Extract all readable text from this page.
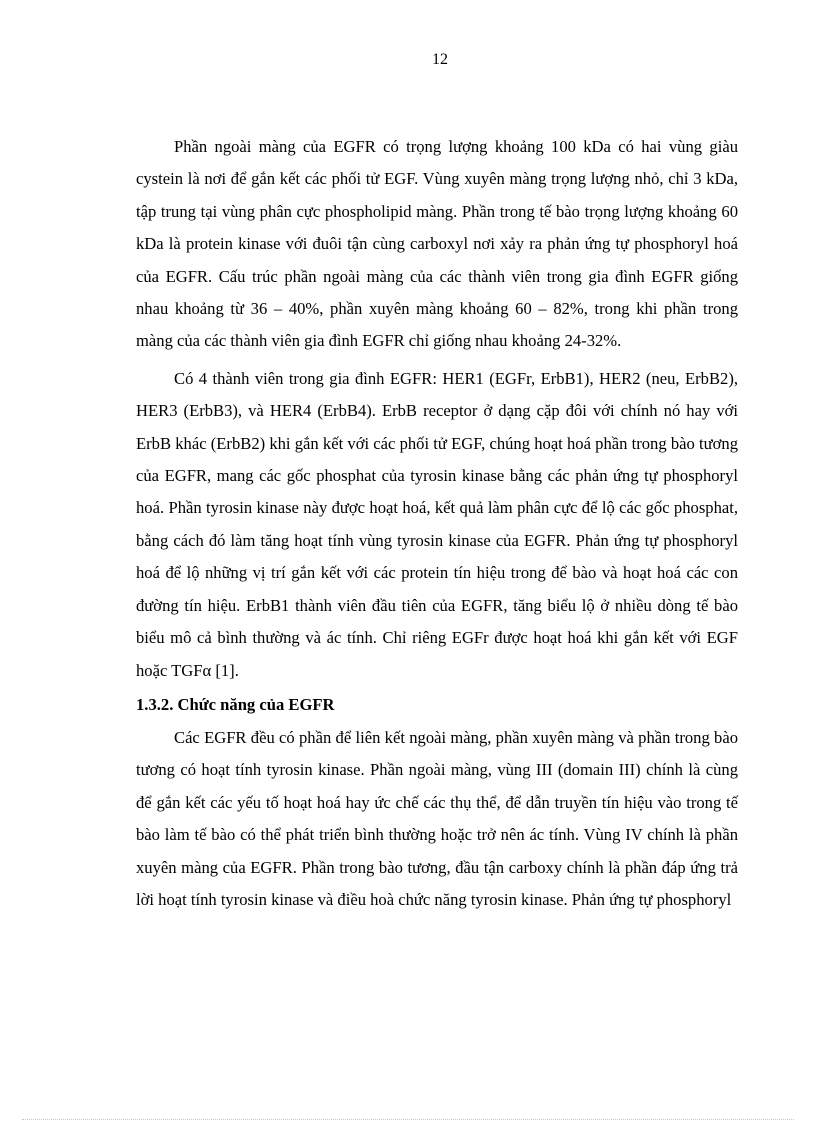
12

Phần ngoài màng của EGFR có trọng lượng khoảng 100 kDa có hai vùng giàu cystein là nơi để gắn kết các phối tử EGF. Vùng xuyên màng trọng lượng nhỏ, chỉ 3 kDa, tập trung tại vùng phân cực phospholipid màng. Phần trong tế bào trọng lượng khoảng 60 kDa là protein kinase với đuôi tận cùng carboxyl nơi xảy ra phản ứng tự phosphoryl hoá của EGFR. Cấu trúc phần ngoài màng của các thành viên trong gia đình EGFR giống nhau khoảng từ 36 – 40%, phần xuyên màng khoảng 60 – 82%, trong khi phần trong màng của các thành viên gia đình EGFR chỉ giống nhau khoảng 24-32%.

Có 4 thành viên trong gia đình EGFR: HER1 (EGFr, ErbB1), HER2 (neu, ErbB2), HER3 (ErbB3), và HER4 (ErbB4). ErbB receptor ở dạng cặp đôi với chính nó hay với ErbB khác (ErbB2) khi gắn kết với các phối tử EGF, chúng hoạt hoá phần trong bào tương của EGFR, mang các gốc phosphat của tyrosin kinase bằng các phản ứng tự phosphoryl hoá. Phần tyrosin kinase này được hoạt hoá, kết quả làm phân cực để lộ các gốc phosphat, bằng cách đó làm tăng hoạt tính vùng tyrosin kinase của EGFR. Phản ứng tự phosphoryl hoá để lộ những vị trí gắn kết với các protein tín hiệu trong để bào và hoạt hoá các con đường tín hiệu. ErbB1 thành viên đầu tiên của EGFR, tăng biểu lộ ở nhiều dòng tế bào biểu mô cả bình thường và ác tính. Chỉ riêng EGFr được hoạt hoá khi gắn kết với EGF hoặc TGFα [1].

1.3.2. Chức năng của EGFR

Các EGFR đều có phần để liên kết ngoài màng, phần xuyên màng và phần trong bào tương có hoạt tính tyrosin kinase. Phần ngoài màng, vùng III (domain III) chính là cùng để gắn kết các yếu tố hoạt hoá hay ức chế các thụ thể, để dẫn truyền tín hiệu vào trong tế bào làm tế bào có thể phát triển bình thường hoặc trở nên ác tính. Vùng IV chính là phần xuyên màng của EGFR. Phần trong bào tương, đầu tận carboxy chính là phần đáp ứng trả lời hoạt tính tyrosin kinase và điều hoà chức năng tyrosin kinase. Phản ứng tự phosphoryl
